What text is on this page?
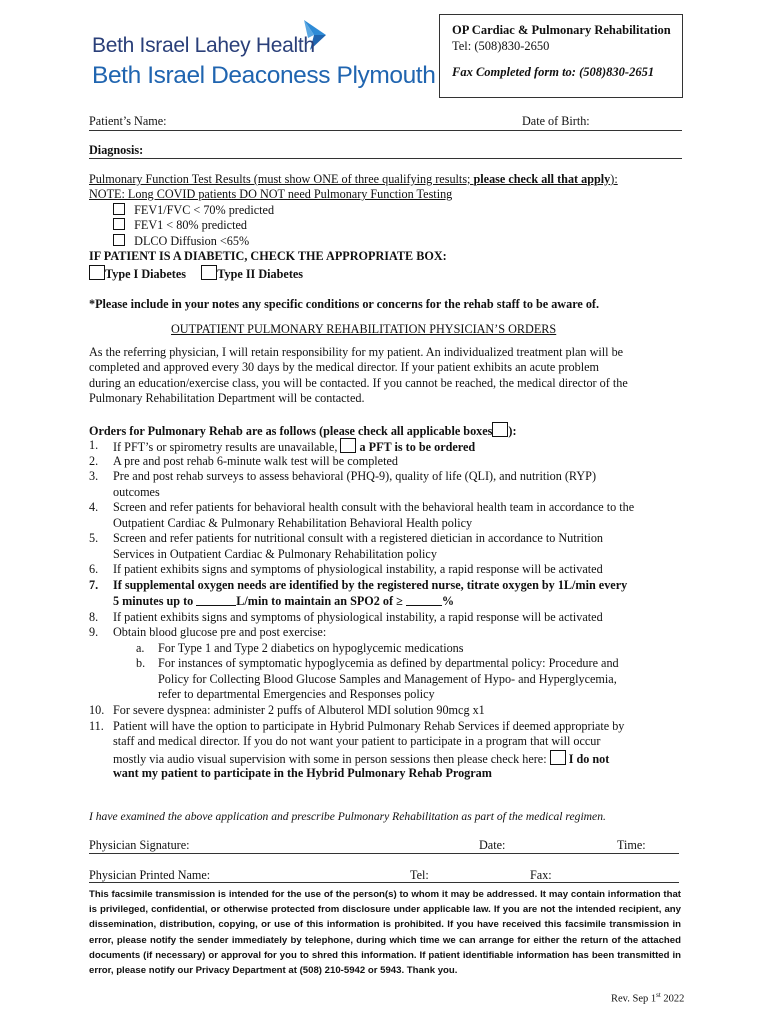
Beth Israel Lahey Health
Beth Israel Deaconess Plymouth
OP Cardiac & Pulmonary Rehabilitation
Tel: (508)830-2650
Fax Completed form to: (508)830-2651
Patient’s Name:	Date of Birth:
Diagnosis:
Pulmonary Function Test Results (must show ONE of three qualifying results; please check all that apply):
NOTE: Long COVID patients DO NOT need Pulmonary Function Testing
FEV1/FVC < 70% predicted
FEV1 < 80% predicted
DLCO Diffusion <65%
IF PATIENT IS A DIABETIC, CHECK THE APPROPRIATE BOX:
Type I Diabetes	Type II Diabetes
*Please include in your notes any specific conditions or concerns for the rehab staff to be aware of.
OUTPATIENT PULMONARY REHABILITATION PHYSICIAN’S ORDERS
As the referring physician, I will retain responsibility for my patient. An individualized treatment plan will be
completed and approved every 30 days by the medical director. If your patient exhibits an acute problem
during an education/exercise class, you will be contacted. If you cannot be reached, the medical director of the
Pulmonary Rehabilitation Department will be contacted.
Orders for Pulmonary Rehab are as follows (please check all applicable boxes ):
1. If PFT’s or spirometry results are unavailable, a PFT is to be ordered
2. A pre and post rehab 6-minute walk test will be completed
3. Pre and post rehab surveys to assess behavioral (PHQ-9), quality of life (QLI), and nutrition (RYP)
outcomes
4. Screen and refer patients for behavioral health consult with the behavioral health team in accordance to the
Outpatient Cardiac & Pulmonary Rehabilitation Behavioral Health policy
5. Screen and refer patients for nutritional consult with a registered dietician in accordance to Nutrition
Services in Outpatient Cardiac & Pulmonary Rehabilitation policy
6. If patient exhibits signs and symptoms of physiological instability, a rapid response will be activated
7. If supplemental oxygen needs are identified by the registered nurse, titrate oxygen by 1L/min every
5 minutes up to	L/min to maintain an SPO2 of ≥	%
8. If patient exhibits signs and symptoms of physiological instability, a rapid response will be activated
9. Obtain blood glucose pre and post exercise:
a. For Type 1 and Type 2 diabetics on hypoglycemic medications
b. For instances of symptomatic hypoglycemia as defined by departmental policy: Procedure and
Policy for Collecting Blood Glucose Samples and Management of Hypo- and Hyperglycemia,
refer to departmental Emergencies and Responses policy
10. For severe dyspnea: administer 2 puffs of Albuterol MDI solution 90mcg x1
11. Patient will have the option to participate in Hybrid Pulmonary Rehab Services if deemed appropriate by
staff and medical director. If you do not want your patient to participate in a program that will occur
mostly via audio visual supervision with some in person sessions then please check here: I do not
want my patient to participate in the Hybrid Pulmonary Rehab Program
I have examined the above application and prescribe Pulmonary Rehabilitation as part of the medical regimen.
Physician Signature:	Date:	Time:
Physician Printed Name:	Tel:	Fax:
This facsimile transmission is intended for the use of the person(s) to whom it may be addressed. It may contain information that is privileged, confidential, or otherwise protected from disclosure under applicable law. If you are not the intended recipient, any dissemination, distribution, copying, or use of this information is prohibited. If you have received this facsimile transmission in error, please notify the sender immediately by telephone, during which time we can arrange for either the return of the attached documents (if necessary) or approval for you to shred this information. If patient identifiable information has been transmitted in error, please notify our Privacy Department at (508) 210-5942 or 5943. Thank you.
Rev. Sep 1st 2022
